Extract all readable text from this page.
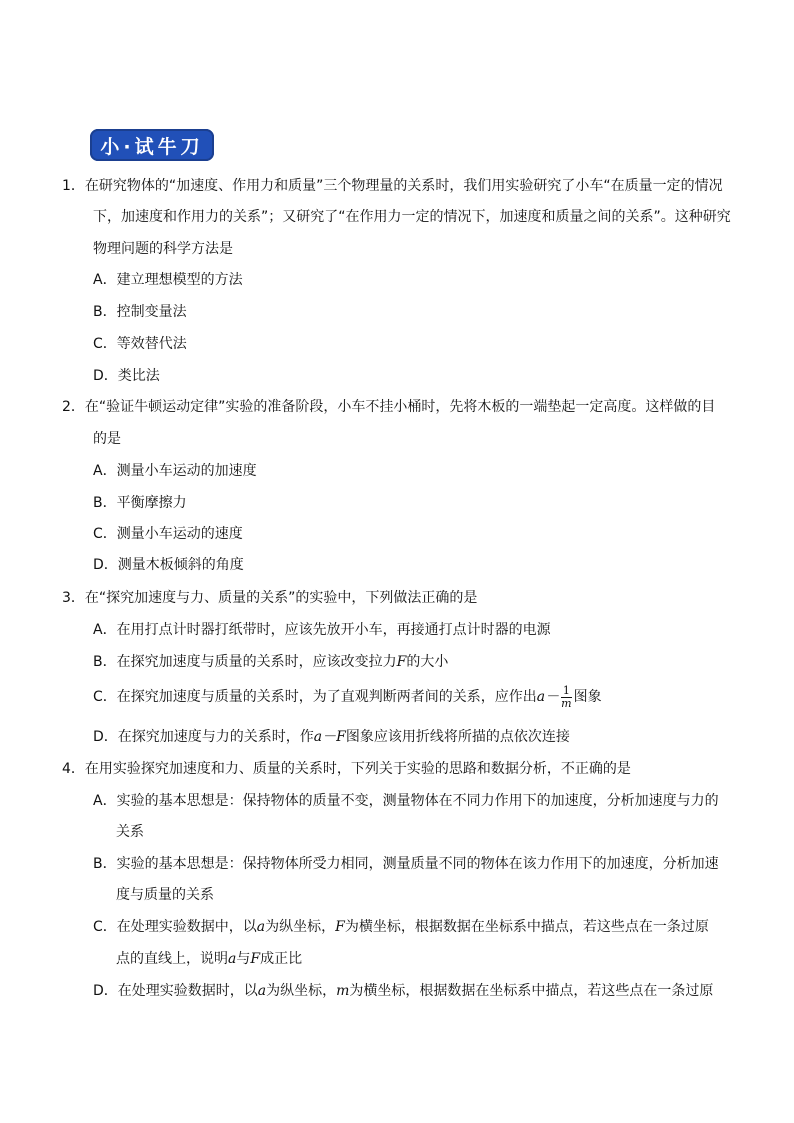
小·试牛刀
1．在研究物体的“加速度、作用力和质量”三个物理量的关系时，我们用实验研究了小车“在质量一定的情况
下，加速度和作用力的关系”；又研究了“在作用力一定的情况下，加速度和质量之间的关系”。这种研究
物理问题的科学方法是
A．建立理想模型的方法
B．控制变量法
C．等效替代法
D．类比法
2．在“验证牛顿运动定律”实验的准备阶段，小车不挂小桶时，先将木板的一端垫起一定高度。这样做的目
的是
A．测量小车运动的加速度
B．平衡摩擦力
C．测量小车运动的速度
D．测量木板倾斜的角度
3．在“探究加速度与力、质量的关系”的实验中，下列做法正确的是
A．在用打点计时器打纸带时，应该先放开小车，再接通打点计时器的电源
B．在探究加速度与质量的关系时，应该改变拉力F的大小
C．在探究加速度与质量的关系时，为了直观判断两者间的关系，应作出$a- \frac{1}{m}$ 图象
D．在探究加速度与力的关系时，作a－F图象应该用折线将所描的点依次连接
4．在用实验探究加速度和力、质量的关系时，下列关于实验的思路和数据分析，不正确的是
A．实验的基本思想是：保持物体的质量不变，测量物体在不同力作用下的加速度，分析加速度与力的
关系
B．实验的基本思想是：保持物体所受力相同，测量质量不同的物体在该力作用下的加速度，分析加速
度与质量的关系
C．在处理实验数据中，以a为纵坐标，F为横坐标，根据数据在坐标系中描点，若这些点在一条过原
点的直线上，说明a与F成正比
D．在处理实验数据时，以a为纵坐标，m为横坐标，根据数据在坐标系中描点，若这些点在一条过原
